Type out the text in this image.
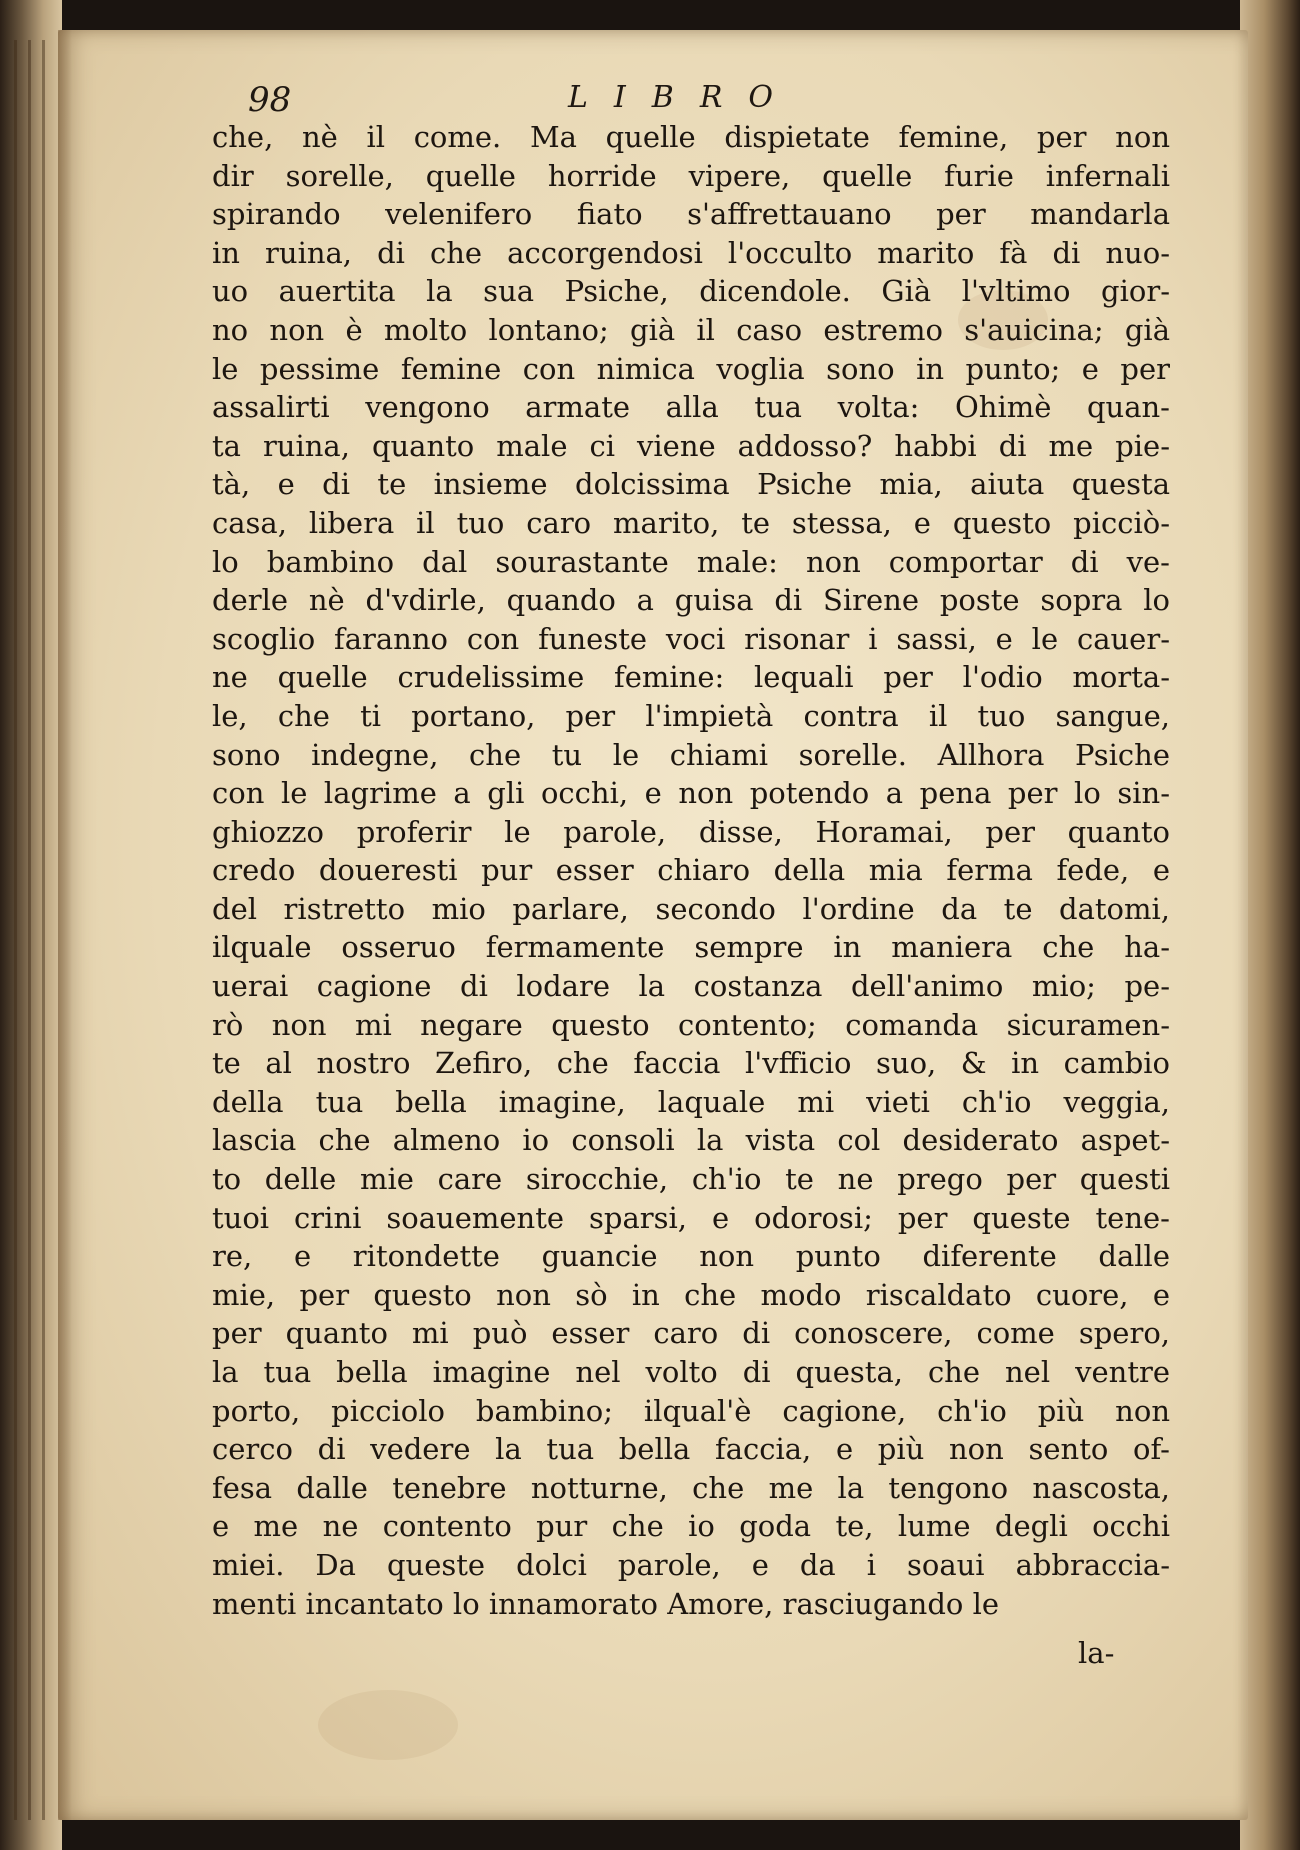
98	LIBRO
che, nè il come. Ma quelle dispietate femine, per non
dir sorelle, quelle horride vipere, quelle furie infernali
spirando velenifero fiato s'affrettauano per mandarla
in ruina, di che accorgendosi l'occulto marito fà di nuo-
uo auertita la sua Psiche, dicendole. Già l'vltimo gior-
no non è molto lontano; già il caso estremo s'auicina; già
le pessime femine con nimica voglia sono in punto; e per
assalirti vengono armate alla tua volta: Ohimè quan-
ta ruina, quanto male ci viene addosso? habbi di me pie-
tà, e di te insieme dolcissima Psiche mia, aiuta questa
casa, libera il tuo caro marito, te stessa, e questo picciò-
lo bambino dal sourastante male: non comportar di ve-
derle nè d'vdirle, quando a guisa di Sirene poste sopra lo
scoglio faranno con funeste voci risonar i sassi, e le cauer-
ne quelle crudelissime femine: lequali per l'odio morta-
le, che ti portano, per l'impietà contra il tuo sangue,
sono indegne, che tu le chiami sorelle. Allhora Psiche
con le lagrime a gli occhi, e non potendo a pena per lo sin-
ghiozzo proferir le parole, disse, Horamai, per quanto
credo doueresti pur esser chiaro della mia ferma fede, e
del ristretto mio parlare, secondo l'ordine da te datomi,
ilquale osseruo fermamente sempre in maniera che ha-
uerai cagione di lodare la costanza dell'animo mio; pe-
rò non mi negare questo contento; comanda sicuramen-
te al nostro Zefiro, che faccia l'vfficio suo, & in cambio
della tua bella imagine, laquale mi vieti ch'io veggia,
lascia che almeno io consoli la vista col desiderato aspet-
to delle mie care sirocchie, ch'io te ne prego per questi
tuoi crini soauemente sparsi, e odorosi; per queste tene-
re, e ritondette guancie non punto diferente dalle
mie, per questo non sò in che modo riscaldato cuore, e
per quanto mi può esser caro di conoscere, come spero,
la tua bella imagine nel volto di questa, che nel ventre
porto, picciolo bambino; ilqual'è cagione, ch'io più non
cerco di vedere la tua bella faccia, e più non sento of-
fesa dalle tenebre notturne, che me la tengono nascosta,
e me ne contento pur che io goda te, lume degli occhi
miei. Da queste dolci parole, e da i soaui abbraccia-
menti incantato lo innamorato Amore, rasciugando le
la-
